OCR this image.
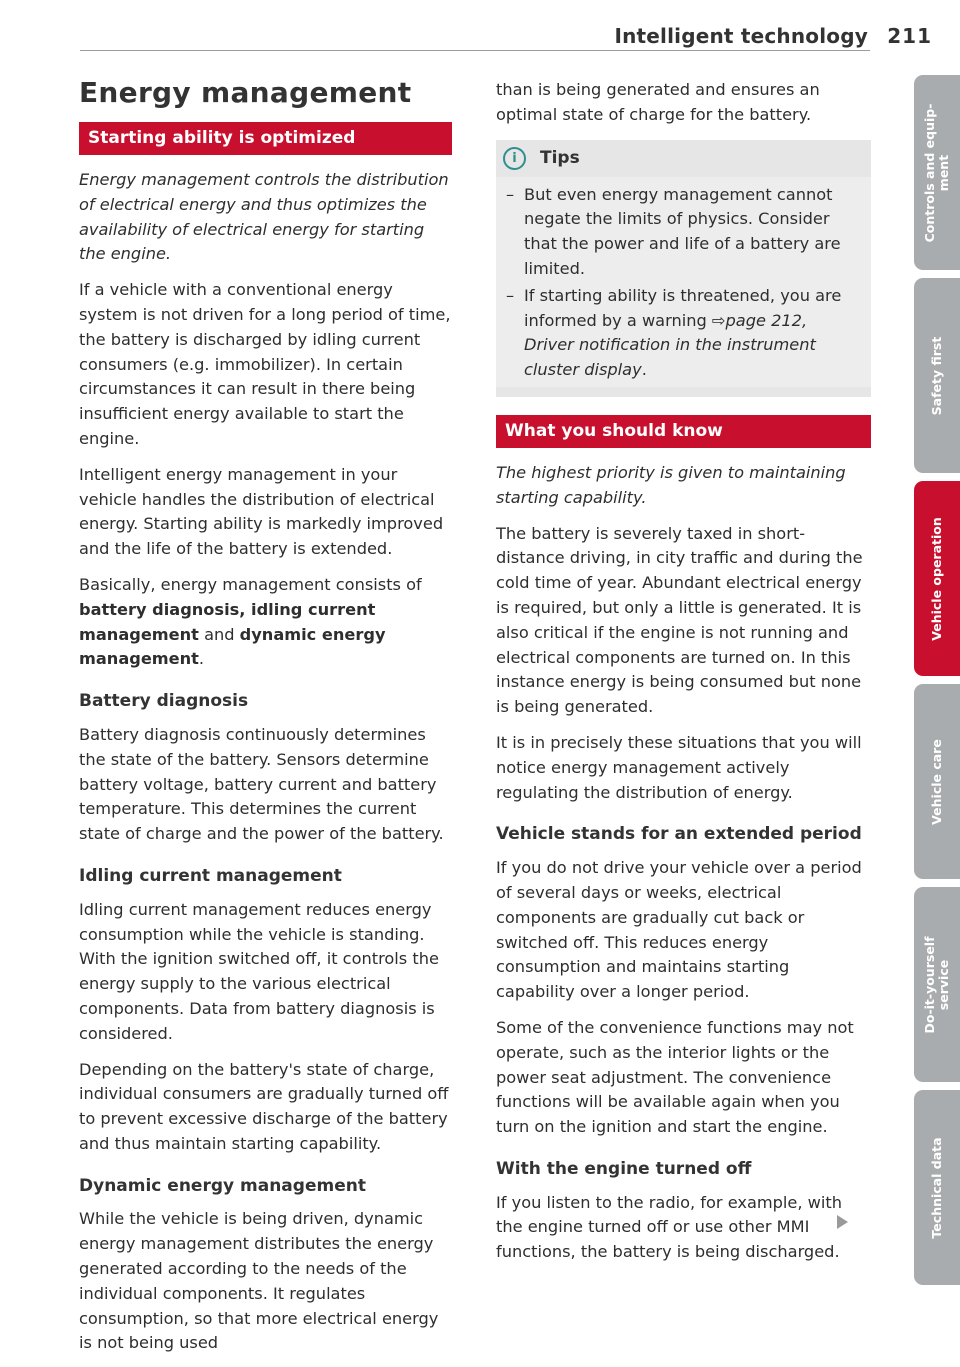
Intelligent technology 211
Energy management
Starting ability is optimized

Energy management controls the distribution of electrical energy and thus optimizes the availability of electrical energy for starting the engine.

If a vehicle with a conventional energy system is not driven for a long period of time, the battery is discharged by idling current consumers (e.g. immobilizer). In certain circumstances it can result in there being insufficient energy available to start the engine.

Intelligent energy management in your vehicle handles the distribution of electrical energy. Starting ability is markedly improved and the life of the battery is extended.

Basically, energy management consists of battery diagnosis, idling current management and dynamic energy management.

Battery diagnosis

Battery diagnosis continuously determines the state of the battery. Sensors determine battery voltage, battery current and battery temperature. This determines the current state of charge and the power of the battery.

Idling current management

Idling current management reduces energy consumption while the vehicle is standing. With the ignition switched off, it controls the energy supply to the various electrical components. Data from battery diagnosis is considered.

Depending on the battery's state of charge, individual consumers are gradually turned off to prevent excessive discharge of the battery and thus maintain starting capability.

Dynamic energy management

While the vehicle is being driven, dynamic energy management distributes the energy generated according to the needs of the individual components. It regulates consumption, so that more electrical energy is not being used

than is being generated and ensures an optimal state of charge for the battery.

i	Tips
– But even energy management cannot negate the limits of physics. Consider that the power and life of a battery are limited.
– If starting ability is threatened, you are informed by a warning ⇨page 212, Driver notification in the instrument cluster display.
What you should know

The highest priority is given to maintaining starting capability.

The battery is severely taxed in short-distance driving, in city traffic and during the cold time of year. Abundant electrical energy is required, but only a little is generated. It is also critical if the engine is not running and electrical components are turned on. In this instance energy is being consumed but none is being generated.

It is in precisely these situations that you will notice energy management actively regulating the distribution of energy.

Vehicle stands for an extended period

If you do not drive your vehicle over a period of several days or weeks, electrical components are gradually cut back or switched off. This reduces energy consumption and maintains starting capability over a longer period.

Some of the convenience functions may not operate, such as the interior lights or the power seat adjustment. The convenience functions will be available again when you turn on the ignition and start the engine.

With the engine turned off

If you listen to the radio, for example, with the engine turned off or use other MMI functions, the battery is being discharged.

Controls and equip-
ment
Safety first
Vehicle operation
Vehicle care
Do-it-yourself
service
Technical data
